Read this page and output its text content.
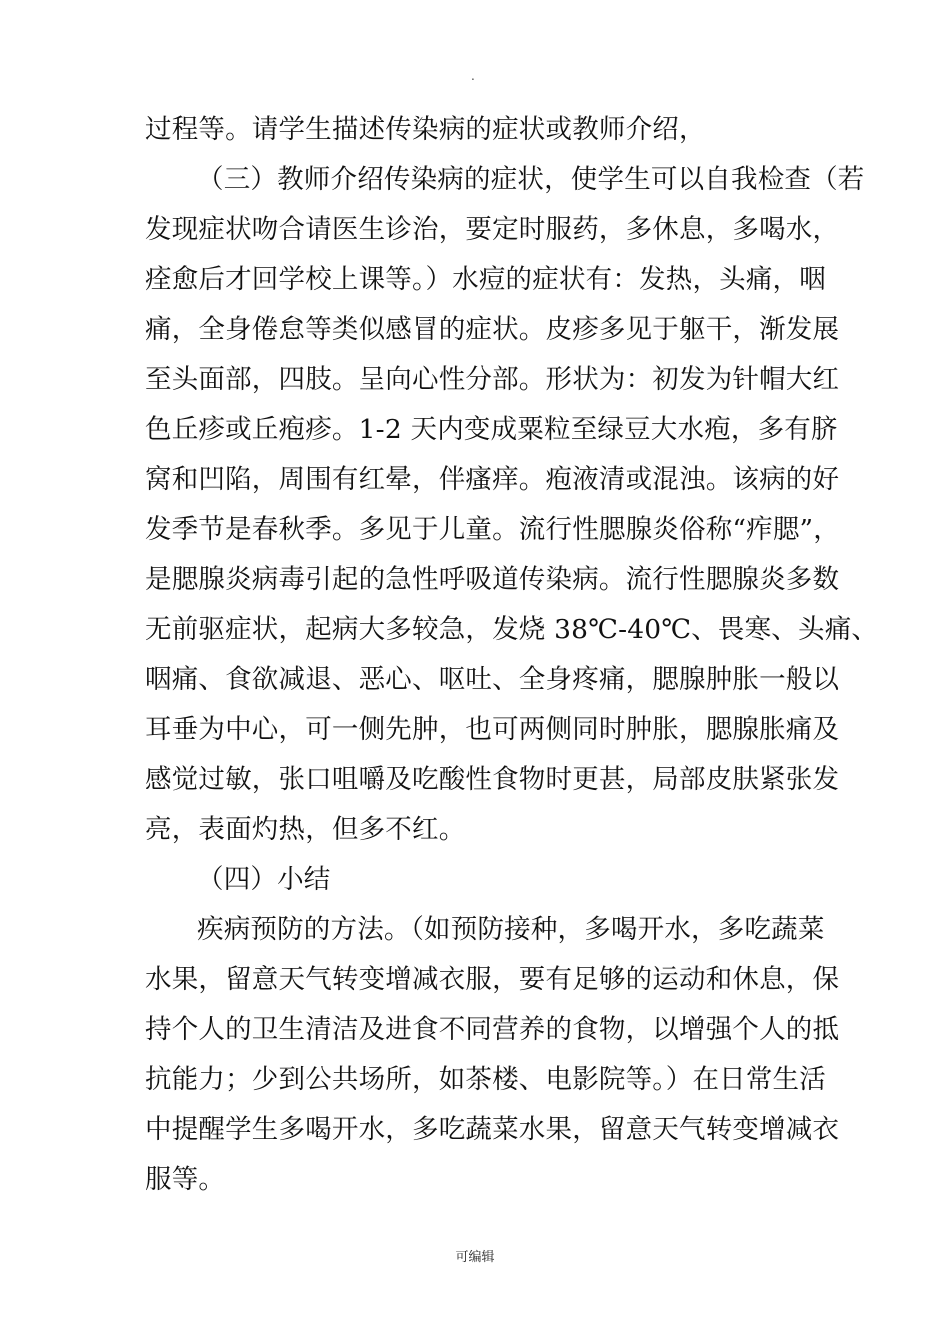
.
过程等。请学生描述传染病的症状或教师介绍，
（三）教师介绍传染病的症状，使学生可以自我检查（若
发现症状吻合请医生诊治，要定时服药，多休息，多喝水，
痊愈后才回学校上课等。）水痘的症状有：发热，头痛，咽
痛，全身倦怠等类似感冒的症状。皮疹多见于躯干，渐发展
至头面部，四肢。呈向心性分部。形状为：初发为针帽大红
色丘疹或丘疱疹。1-2 天内变成粟粒至绿豆大水疱，多有脐
窝和凹陷，周围有红晕，伴瘙痒。疱液清或混浊。该病的好
发季节是春秋季。多见于儿童。流行性腮腺炎俗称“痄腮”，
是腮腺炎病毒引起的急性呼吸道传染病。流行性腮腺炎多数
无前驱症状，起病大多较急，发烧 38℃-40℃、畏寒、头痛、
咽痛、食欲减退、恶心、呕吐、全身疼痛，腮腺肿胀一般以
耳垂为中心，可一侧先肿，也可两侧同时肿胀，腮腺胀痛及
感觉过敏，张口咀嚼及吃酸性食物时更甚，局部皮肤紧张发
亮，表面灼热，但多不红。
（四）小结
疾病预防的方法。（如预防接种，多喝开水，多吃蔬菜
水果，留意天气转变增减衣服，要有足够的运动和休息，保
持个人的卫生清洁及进食不同营养的食物，以增强个人的抵
抗能力；少到公共场所，如茶楼、电影院等。）在日常生活
中提醒学生多喝开水，多吃蔬菜水果，留意天气转变增减衣
服等。
可编辑
